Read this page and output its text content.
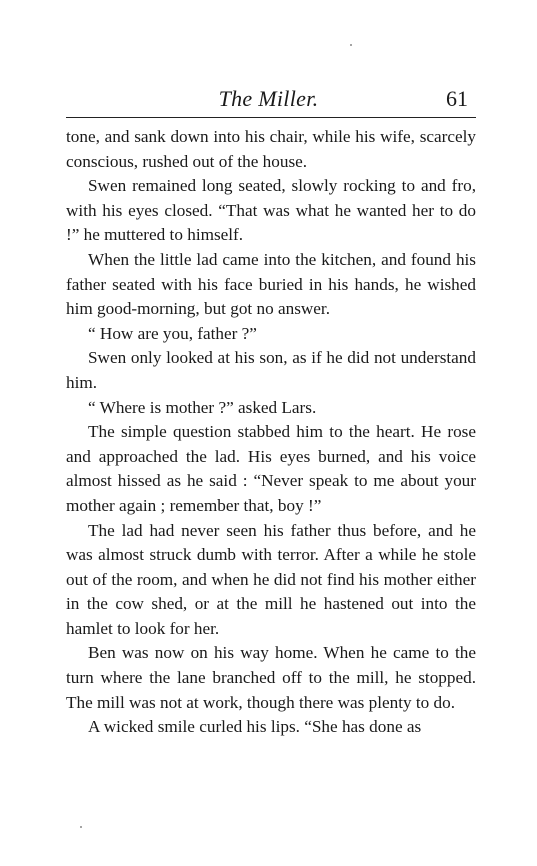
The Miller.	61

tone, and sank down into his chair, while his wife, scarcely conscious, rushed out of the house.

Swen remained long seated, slowly rocking to and fro, with his eyes closed. “That was what he wanted her to do !” he muttered to himself.

When the little lad came into the kitchen, and found his father seated with his face buried in his hands, he wished him good-morning, but got no answer.

“ How are you, father ?”

Swen only looked at his son, as if he did not understand him.

“ Where is mother ?” asked Lars.

The simple question stabbed him to the heart. He rose and approached the lad. His eyes burned, and his voice almost hissed as he said : “Never speak to me about your mother again ; remember that, boy !”

The lad had never seen his father thus before, and he was almost struck dumb with terror. After a while he stole out of the room, and when he did not find his mother either in the cow shed, or at the mill he hastened out into the hamlet to look for her.

Ben was now on his way home. When he came to the turn where the lane branched off to the mill, he stopped. The mill was not at work, though there was plenty to do.

A wicked smile curled his lips. “She has done as
